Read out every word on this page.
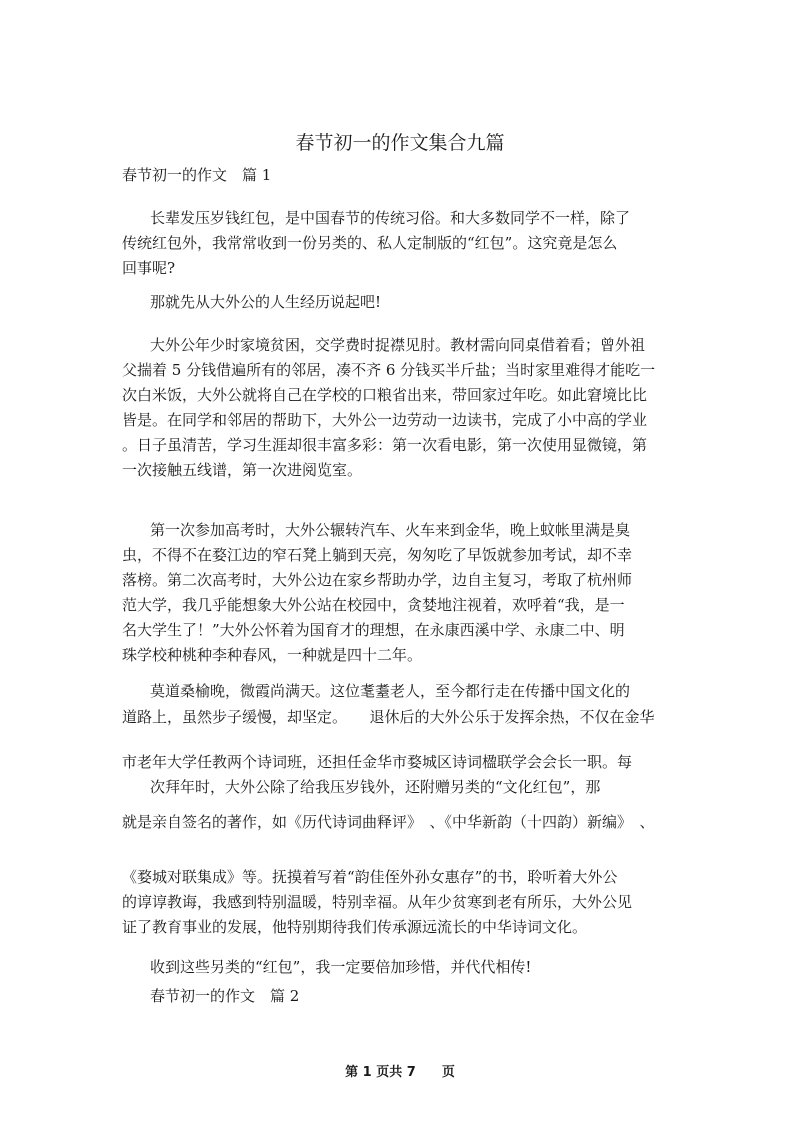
春节初一的作文集合九篇
春节初一的作文　篇 1
长辈发压岁钱红包，是中国春节的传统习俗。和大多数同学不一样，除了
传统红包外，我常常收到一份另类的、私人定制版的“红包”。这究竟是怎么
回事呢?
那就先从大外公的人生经历说起吧!
大外公年少时家境贫困，交学费时捉襟见肘。教材需向同桌借着看；曾外祖
父揣着 5 分钱借遍所有的邻居，凑不齐 6 分钱买半斤盐；当时家里难得才能吃一
次白米饭，大外公就将自己在学校的口粮省出来，带回家过年吃。如此窘境比比
皆是。在同学和邻居的帮助下，大外公一边劳动一边读书，完成了小中高的学业
。日子虽清苦，学习生涯却很丰富多彩：第一次看电影，第一次使用显微镜，第
一次接触五线谱，第一次进阅览室。
第一次参加高考时，大外公辗转汽车、火车来到金华，晚上蚊帐里满是臭
虫，不得不在婺江边的窄石凳上躺到天亮，匆匆吃了早饭就参加考试，却不幸
落榜。第二次高考时，大外公边在家乡帮助办学，边自主复习，考取了杭州师
范大学，我几乎能想象大外公站在校园中，贪婪地注视着，欢呼着“我，是一
名大学生了！”大外公怀着为国育才的理想，在永康西溪中学、永康二中、明
珠学校种桃种李种春风，一种就是四十二年。
莫道桑榆晚，微霞尚满天。这位耄耋老人，至今都行走在传播中国文化的
道路上，虽然步子缓慢，却坚定。　　退休后的大外公乐于发挥余热，不仅在金华
市老年大学任教两个诗词班，还担任金华市婺城区诗词楹联学会会长一职。每
次拜年时，大外公除了给我压岁钱外，还附赠另类的“文化红包”，那
就是亲自签名的著作，如《历代诗词曲释评》　、《中华新韵（十四韵）新编》　、
《婺城对联集成》等。抚摸着写着“韵佳侄外孙女惠存”的书，聆听着大外公
的谆谆教诲，我感到特别温暖，特别幸福。从年少贫寒到老有所乐，大外公见
证了教育事业的发展，他特别期待我们传承源远流长的中华诗词文化。
收到这些另类的“红包”，我一定要倍加珍惜，并代代相传!
春节初一的作文　篇 2
第 1 页共 7　　页
